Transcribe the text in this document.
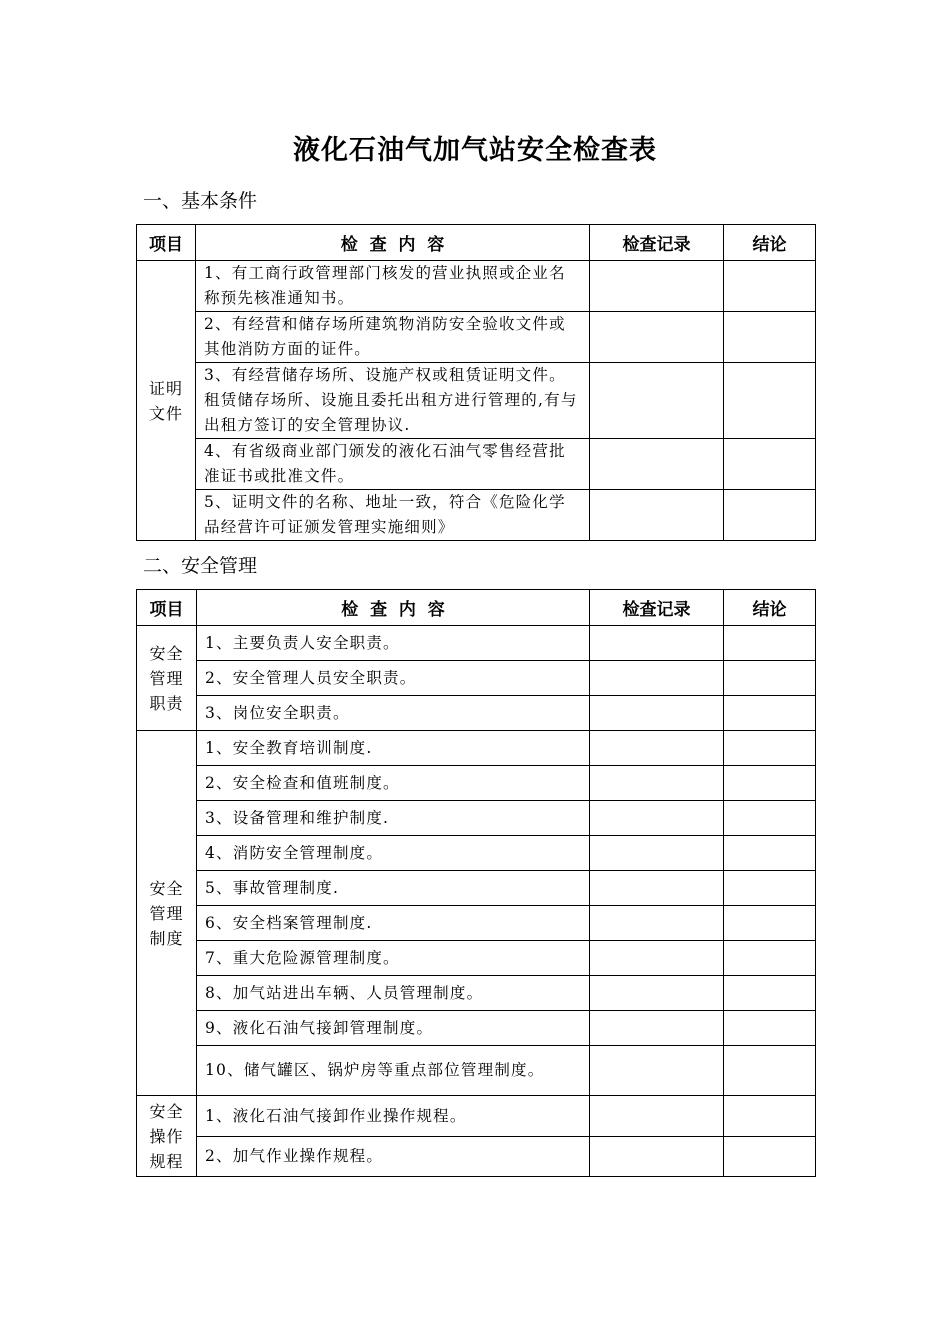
液化石油气加气站安全检查表
一、基本条件
项目	检  查  内  容	检查记录	结论
证明文件	1、有工商行政管理部门核发的营业执照或企业名称预先核准通知书。		
	2、有经营和储存场所建筑物消防安全验收文件或其他消防方面的证件。		
	3、有经营储存场所、设施产权或租赁证明文件。租赁储存场所、设施且委托出租方进行管理的,有与出租方签订的安全管理协议.		
	4、有省级商业部门颁发的液化石油气零售经营批准证书或批准文件。		
	5、证明文件的名称、地址一致，符合《危险化学品经营许可证颁发管理实施细则》		
二、安全管理
项目	检  查  内  容	检查记录	结论
安全管理职责	1、主要负责人安全职责。		
	2、安全管理人员安全职责。		
	3、岗位安全职责。		
安全管理制度	1、安全教育培训制度.		
	2、安全检查和值班制度。		
	3、设备管理和维护制度.		
	4、消防安全管理制度。		
	5、事故管理制度.		
	6、安全档案管理制度.		
	7、重大危险源管理制度。		
	8、加气站进出车辆、人员管理制度。		
	9、液化石油气接卸管理制度。		
	10、储气罐区、锅炉房等重点部位管理制度。		
安全操作规程	1、液化石油气接卸作业操作规程。		
	2、加气作业操作规程。		
